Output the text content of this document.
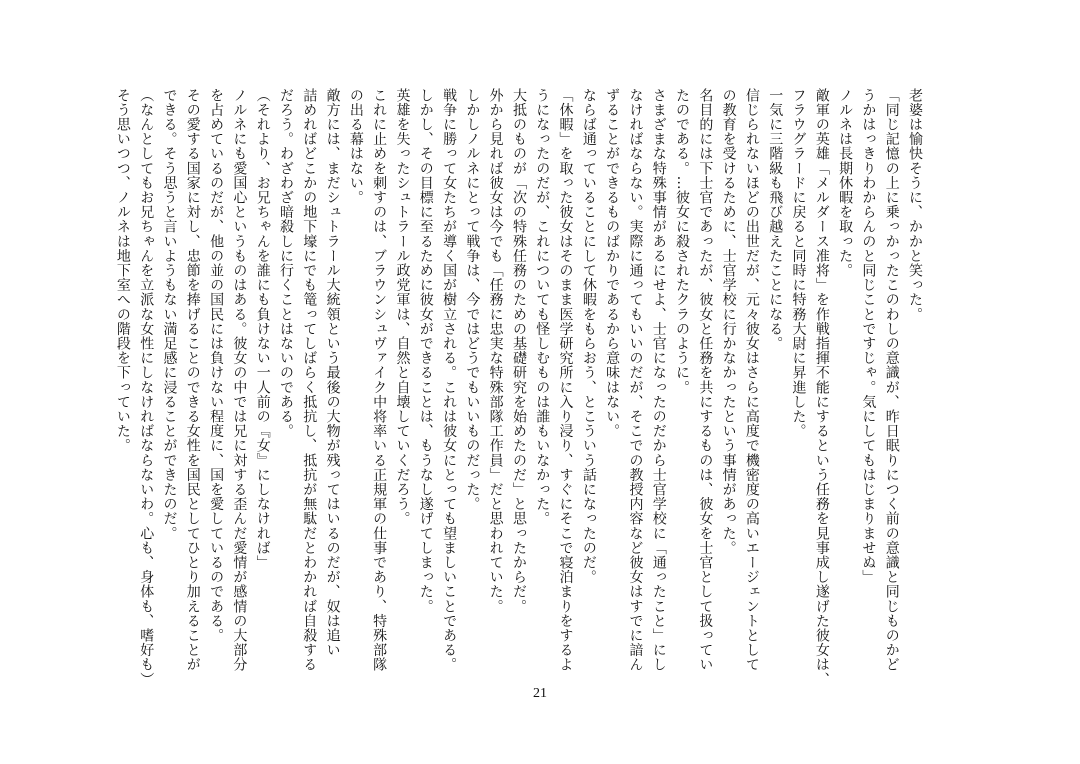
老婆は愉快そうに、かかと笑った。
「同じ記憶の上に乗っかったこのわしの意識が、昨日眠りにつく前の意識と同じものかど
うかはっきりわからんのと同じことですじゃ。気にしてもはじまりませぬ」
ノルネは長期休暇を取った。
敵軍の英雄「メルダース准将」を作戦指揮不能にするという任務を見事成し遂げた彼女は、
フラウグラードに戻ると同時に特務大尉に昇進した。
一気に三階級も飛び越えたことになる。
信じられないほどの出世だが、元々彼女はさらに高度で機密度の高いエージェントとして
の教育を受けるために、士官学校に行かなかったという事情があった。
名目的には下士官であったが、彼女と任務を共にするものは、彼女を士官として扱ってい
たのである。…彼女に殺されたクラのように。
さまざまな特殊事情があるにせよ、士官になったのだから士官学校に「通ったこと」にし
なければならない。実際に通ってもいいのだが、そこでの教授内容など彼女はすでに諳ん
ずることができるものばかりであるから意味はない。
ならば通っていることにして休暇をもらおう、とこういう話になったのだ。
「休暇」を取った彼女はそのまま医学研究所に入り浸り、すぐにそこで寝泊まりをするよ
うになったのだが、これについても怪しむものは誰もいなかった。
大抵のものが「次の特殊任務のための基礎研究を始めたのだ」と思ったからだ。
外から見れば彼女は今でも「任務に忠実な特殊部隊工作員」だと思われていた。
しかしノルネにとって戦争は、今ではどうでもいいものだった。
戦争に勝って女たちが導く国が樹立される。これは彼女にとっても望ましいことである。
しかし、その目標に至るために彼女ができることは、もうなし遂げてしまった。
英雄を失ったシュトラール政党軍は、自然と自壊していくだろう。
これに止めを刺すのは、ブラウンシュヴァイク中将率いる正規軍の仕事であり、特殊部隊
の出る幕はない。
敵方には、まだシュトラール大統領という最後の大物が残ってはいるのだが、奴は追い
詰めればどこかの地下壕にでも篭ってしばらく抵抗し、抵抗が無駄だとわかれば自殺する
だろう。わざわざ暗殺しに行くことはないのである。
（それより、お兄ちゃんを誰にも負けない一人前の『女』にしなければ」
ノルネにも愛国心というものはある。彼女の中では兄に対する歪んだ愛情が感情の大部分
を占めているのだが、他の並の国民には負けない程度に、国を愛しているのである。
その愛する国家に対し、忠節を捧げることのできる女性を国民としてひとり加えることが
できる。そう思うと言いようもない満足感に浸ることができたのだ。
（なんとしてもお兄ちゃんを立派な女性にしなければならないわ。心も、身体も、嗜好も）
そう思いつつ、ノルネは地下室への階段を下っていた。
21
